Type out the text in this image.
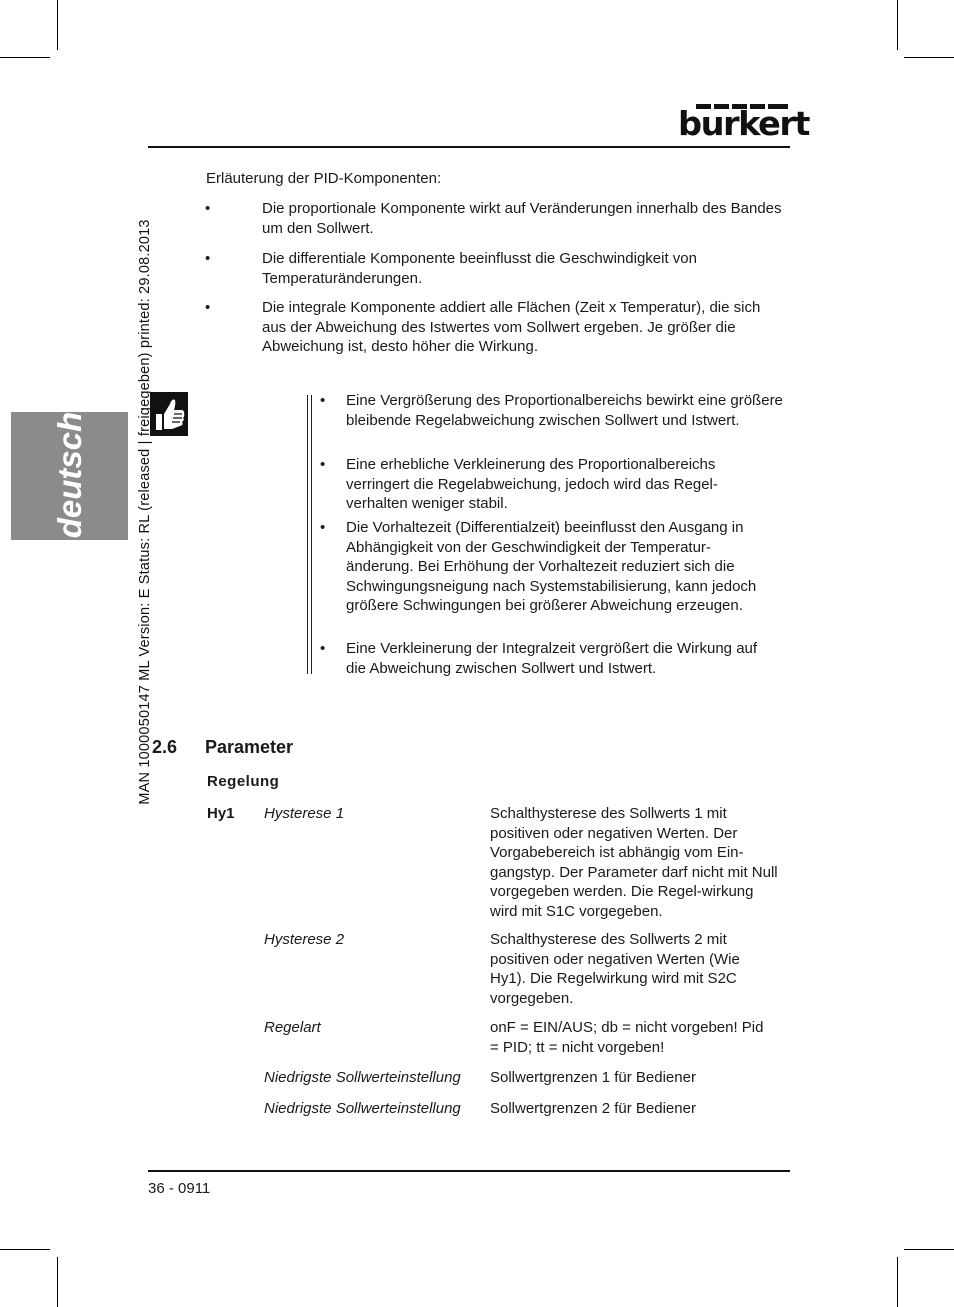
burkert
deutsch	MAN 1000050147 ML Version: E Status: RL (released | freigegeben) printed: 29.08.2013
Erläuterung der PID-Komponenten:
•	Die proportionale Komponente wirkt auf Veränderungen innerhalb des Bandes um den Sollwert.
•	Die differentiale Komponente beeinflusst die Geschwindigkeit von Temperaturänderungen.
•	Die integrale Komponente addiert alle Flächen (Zeit x Temperatur), die sich aus der Abweichung des Istwertes vom Sollwert ergeben. Je größer die Abweichung ist, desto höher die Wirkung.
• Eine Vergrößerung des Proportionalbereichs bewirkt eine größere bleibende Regelabweichung zwischen Sollwert und Istwert.
• Eine erhebliche Verkleinerung des Proportionalbereichs verringert die Regelabweichung, jedoch wird das Regel-verhalten weniger stabil.
• Die Vorhaltezeit (Differentialzeit) beeinflusst den Ausgang in Abhängigkeit von der Geschwindigkeit der Temperatur-änderung. Bei Erhöhung der Vorhaltezeit reduziert sich die Schwingungsneigung nach Systemstabilisierung, kann jedoch größere Schwingungen bei größerer Abweichung erzeugen.
• Eine Verkleinerung der Integralzeit vergrößert die Wirkung auf die Abweichung zwischen Sollwert und Istwert.
2.6 Parameter
Regelung
Hy1 Hysterese 1	Schalthysterese des Sollwerts 1 mit positiven oder negativen Werten. Der Vorgabebereich ist abhängig vom Ein-gangstyp. Der Parameter darf nicht mit Null vorgegeben werden. Die Regel-wirkung wird mit S1C vorgegeben.
Hysterese 2	Schalthysterese des Sollwerts 2 mit positiven oder negativen Werten (Wie Hy1). Die Regelwirkung wird mit S2C vorgegeben.
Regelart	onF = EIN/AUS; db = nicht vorgeben! Pid = PID; tt = nicht vorgeben!
Niedrigste Sollwerteinstellung Sollwertgrenzen 1 für Bediener
Niedrigste Sollwerteinstellung Sollwertgrenzen 2 für Bediener
36 - 0911
